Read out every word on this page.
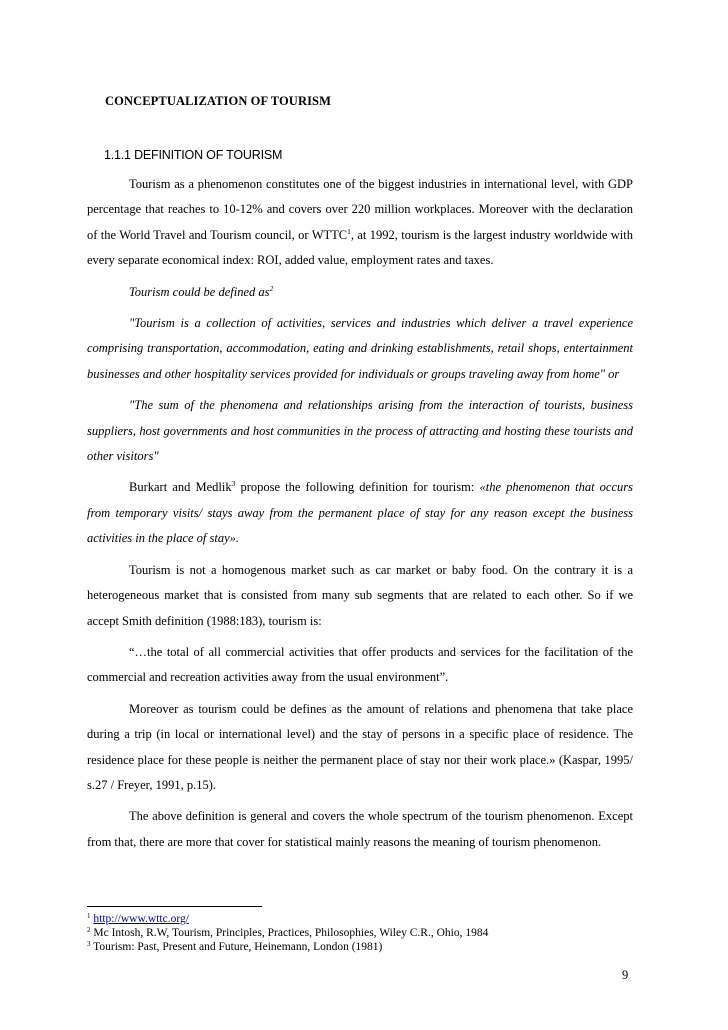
CONCEPTUALIZATION OF TOURISM
1.1.1 DEFINITION OF TOURISM

Tourism as a phenomenon constitutes one of the biggest industries in international level, with GDP percentage that reaches to 10-12% and covers over 220 million workplaces. Moreover with the declaration of the World Travel and Tourism council, or WTTC$^1$, at 1992, tourism is the largest industry worldwide with every separate economical index: ROI, added value, employment rates and taxes.

Tourism could be defined $as^2$

"Tourism is a collection of activities, services and industries which deliver a travel experience comprising transportation, accommodation, eating and drinking establishments, retail shops, entertainment businesses and other hospitality services provided for individuals or groups traveling away from home" or

"The sum of the phenomena and relationships arising from the interaction of tourists, business suppliers, host governments and host communities in the process of attracting and hosting these tourists and other visitors"

Burkart and Medlik$^3$ propose the following definition for tourism: «the phenomenon that occurs from temporary visits/ stays away from the permanent place of stay for any reason except the business activities in the place of stay».

Tourism is not a homogenous market such as car market or baby food. On the contrary it is a heterogeneous market that is consisted from many sub segments that are related to each other. So if we accept Smith definition (1988:183), tourism is:

“…the total of all commercial activities that offer products and services for the facilitation of the commercial and recreation activities away from the usual environment”.

Moreover as tourism could be defines as the amount of relations and phenomena that take place during a trip (in local or international level) and the stay of persons in a specific place of residence. The residence place for these people is neither the permanent place of stay nor their work place.» (Kaspar, 1995/ s.27 / Freyer, 1991, p.15).

The above definition is general and covers the whole spectrum of the tourism phenomenon. Except from that, there are more that cover for statistical mainly reasons the meaning of tourism phenomenon.

$^1$ http://www.wttc.org/
$^2$ Mc Intosh, R.W, Tourism, Principles, Practices, Philosophies, Wiley C.R., Ohio, 1984
$^3$ Tourism: Past, Present and Future, Heinemann, London (1981)
9
